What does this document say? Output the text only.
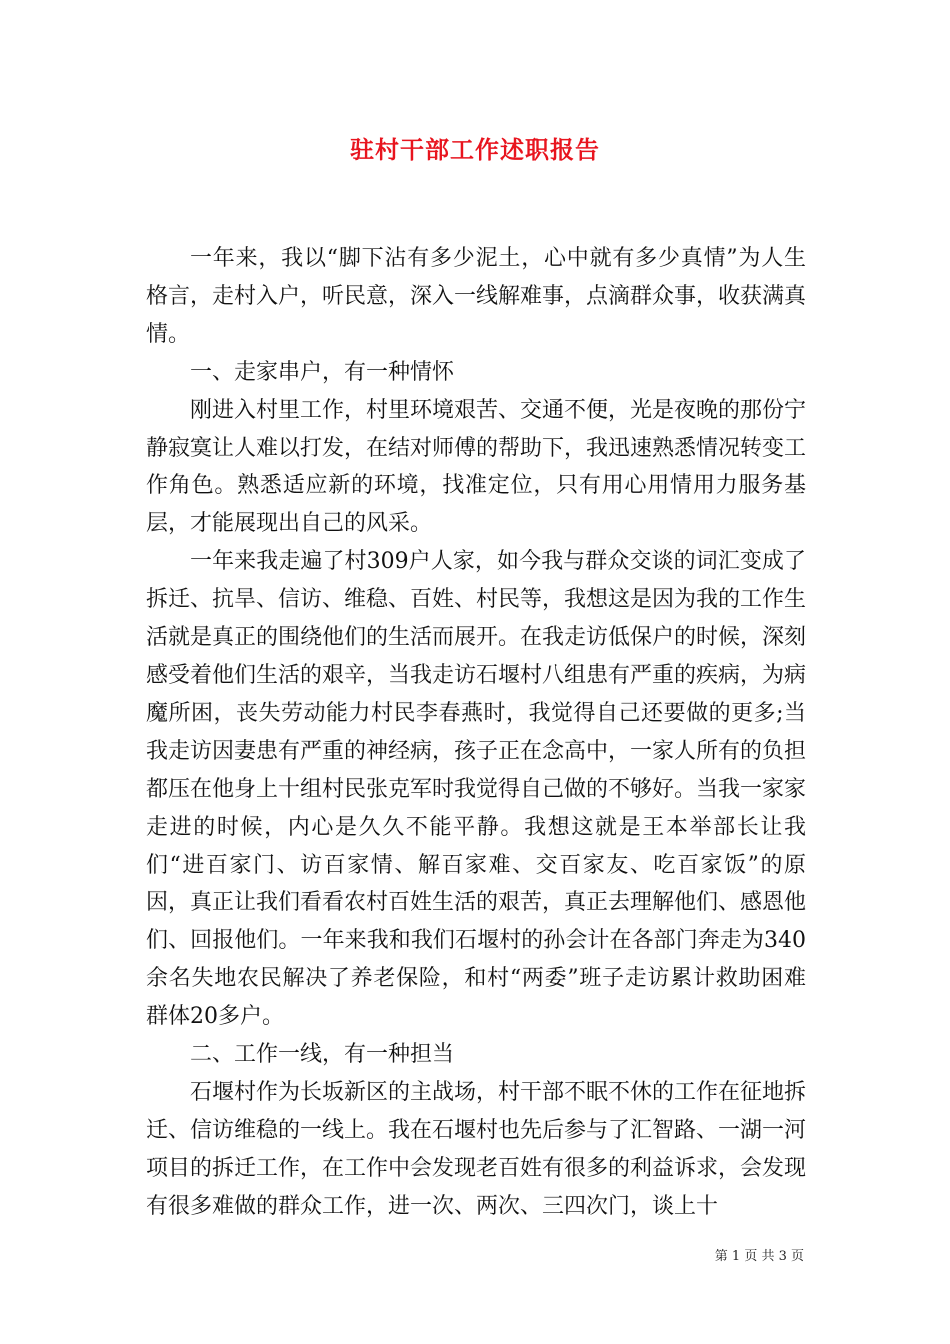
驻村干部工作述职报告

一年来，我以“脚下沾有多少泥土，心中就有多少真情”为人生格言，走村入户，听民意，深入一线解难事，点滴群众事，收获满真情。

一、走家串户，有一种情怀

刚进入村里工作，村里环境艰苦、交通不便，光是夜晚的那份宁静寂寞让人难以打发，在结对师傅的帮助下，我迅速熟悉情况转变工作角色。熟悉适应新的环境，找准定位，只有用心用情用力服务基层，才能展现出自己的风采。

一年来我走遍了村309户人家，如今我与群众交谈的词汇变成了拆迁、抗旱、信访、维稳、百姓、村民等，我想这是因为我的工作生活就是真正的围绕他们的生活而展开。在我走访低保户的时候，深刻感受着他们生活的艰辛，当我走访石堰村八组患有严重的疾病，为病魔所困，丧失劳动能力村民李春燕时，我觉得自己还要做的更多;当我走访因妻患有严重的神经病，孩子正在念高中，一家人所有的负担都压在他身上十组村民张克军时我觉得自己做的不够好。当我一家家走进的时候，内心是久久不能平静。我想这就是王本举部长让我们“进百家门、访百家情、解百家难、交百家友、吃百家饭”的原因，真正让我们看看农村百姓生活的艰苦，真正去理解他们、感恩他们、回报他们。一年来我和我们石堰村的孙会计在各部门奔走为340余名失地农民解决了养老保险，和村“两委”班子走访累计救助困难群体20多户。

二、工作一线，有一种担当

石堰村作为长坂新区的主战场，村干部不眠不休的工作在征地拆迁、信访维稳的一线上。我在石堰村也先后参与了汇智路、一湖一河项目的拆迁工作，在工作中会发现老百姓有很多的利益诉求，会发现有很多难做的群众工作，进一次、两次、三四次门，谈上十

第 1 页 共 3 页
